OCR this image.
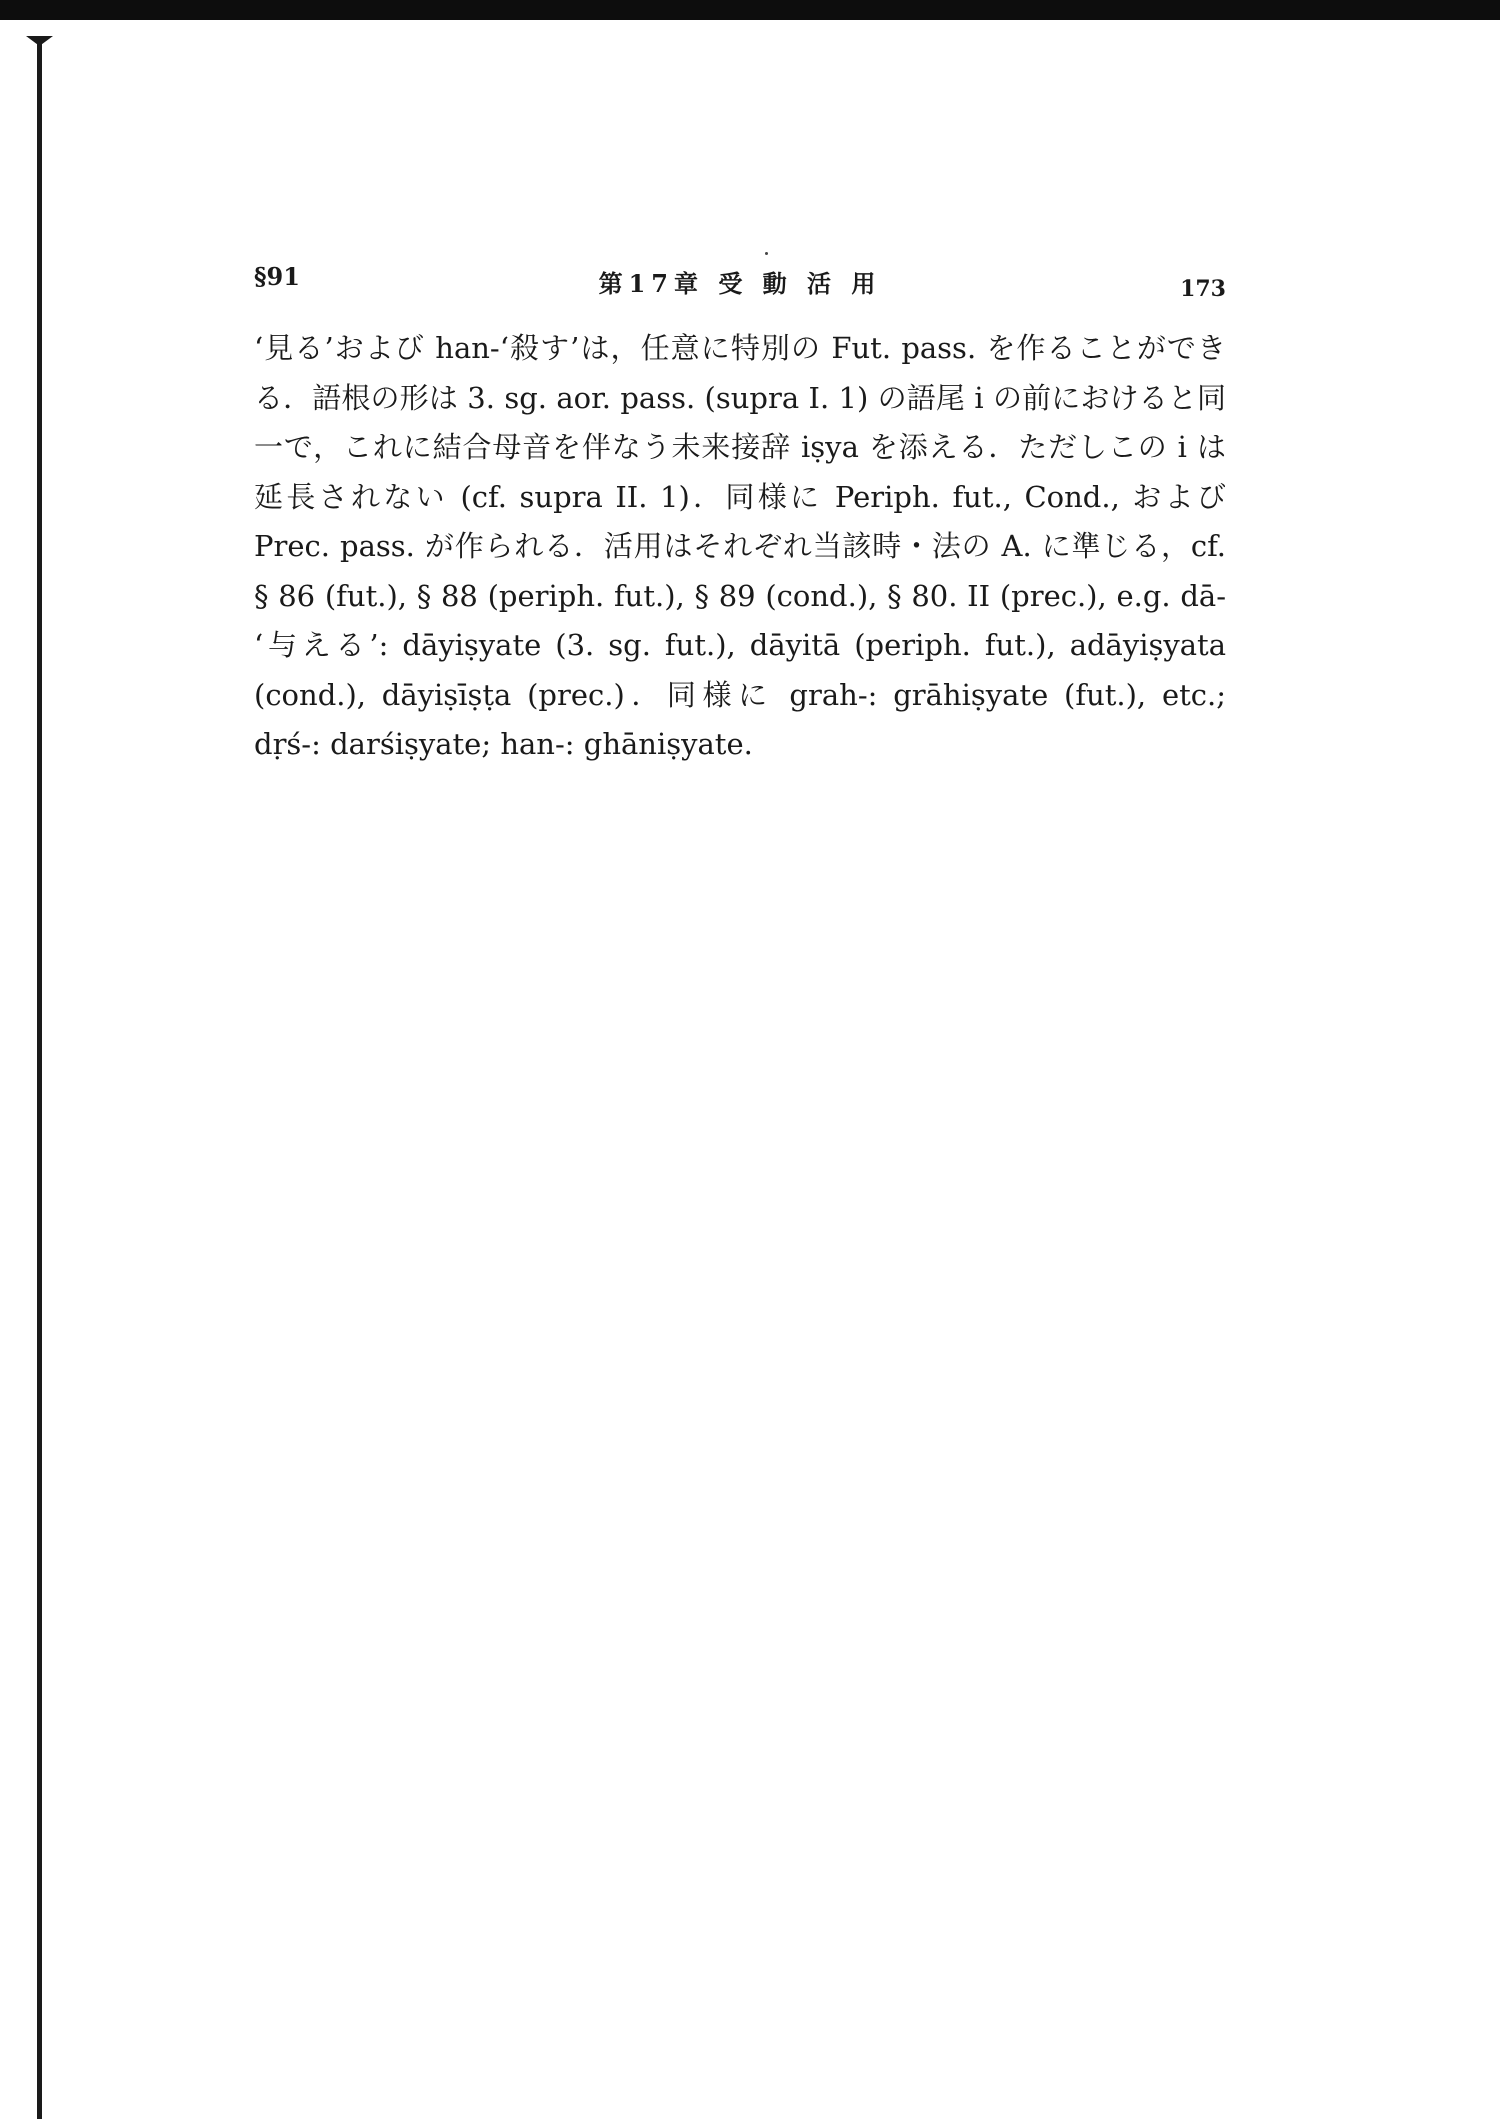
§91	第17章 受 動 活 用	173

‘見る’および han-‘殺す’は，任意に特別の Fut. pass. を作ることができる．語根の形は 3. sg. aor. pass. (supra I. 1) の語尾 i の前におけると同一で，これに結合母音を伴なう未来接辞 iṣya を添える．ただしこの i は延長されない (cf. supra II. 1)．同様に Periph. fut., Cond., および Prec. pass. が作られる．活用はそれぞれ当該時・法の A. に準じる，cf. § 86 (fut.), § 88 (periph. fut.), § 89 (cond.), § 80. II (prec.), e.g. dā- ‘与える’: dāyiṣyate (3. sg. fut.), dāyitā (periph. fut.), adāyiṣyata (cond.), dāyiṣīṣṭa (prec.)．同様に grah-: grāhiṣyate (fut.), etc.; dṛś-: darśiṣyate; han-: ghāniṣyate.
